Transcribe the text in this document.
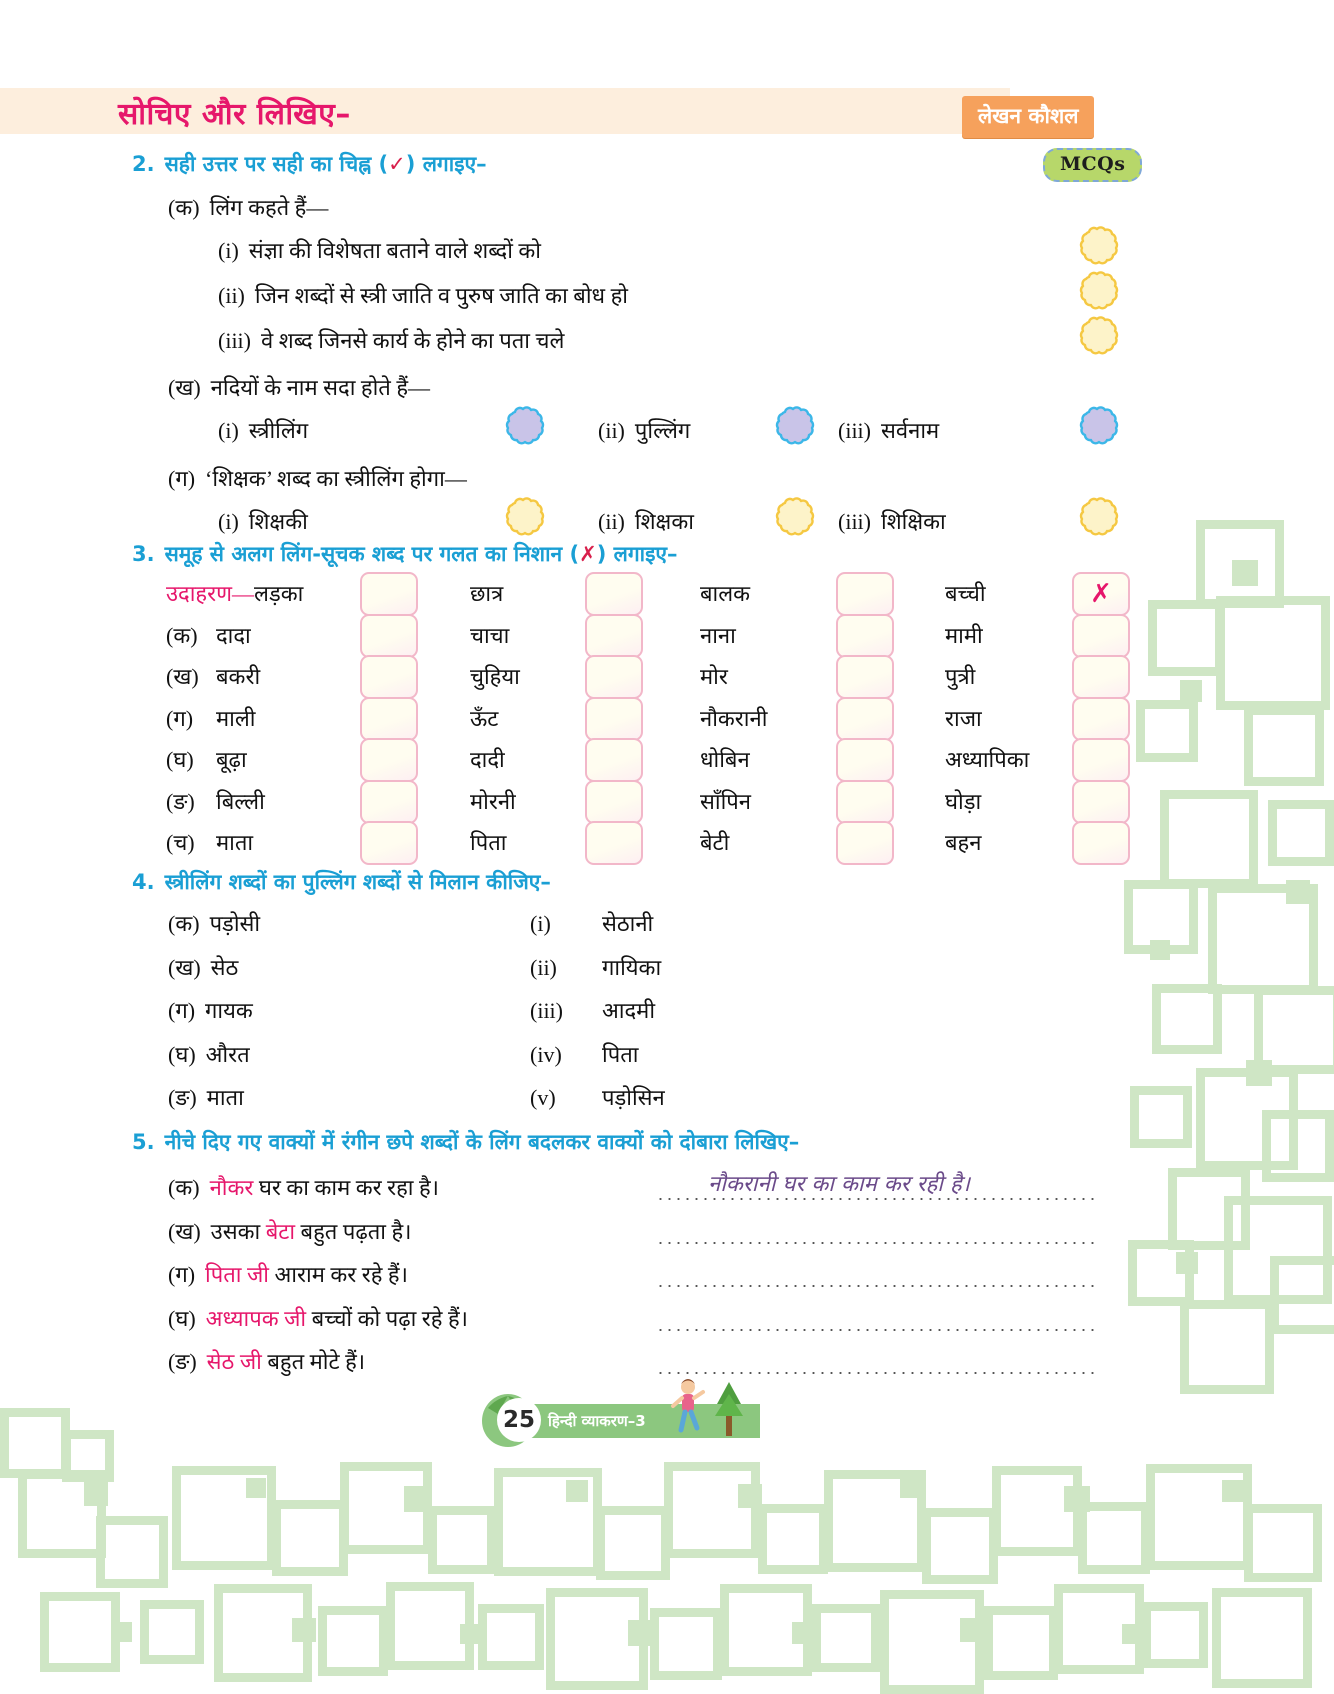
सोचिए और लिखिए–	लेखन कौशल
MCQs
2. सही उत्तर पर सही का चिह्न (✓) लगाइए–
(क) लिंग कहते हैं—
(i) संज्ञा की विशेषता बताने वाले शब्दों को
(ii) जिन शब्दों से स्त्री जाति व पुरुष जाति का बोध हो
(iii) वे शब्द जिनसे कार्य के होने का पता चले
(ख) नदियों के नाम सदा होते हैं—
(i) स्त्रीलिंग	(ii) पुल्लिंग	(iii) सर्वनाम
(ग) ‘शिक्षक’ शब्द का स्त्रीलिंग होगा—
(i) शिक्षकी	(ii) शिक्षका	(iii) शिक्षिका
3. समूह से अलग लिंग-सूचक शब्द पर गलत का निशान (✗) लगाइए–
उदाहरण—लड़का	छात्र	बालक	बच्ची	✗
(क) दादा	चाचा	नाना	मामी
(ख) बकरी	चुहिया	मोर	पुत्री
(ग) माली	ऊँट	नौकरानी	राजा
(घ) बूढ़ा	दादी	धोबिन	अध्यापिका
(ङ) बिल्ली	मोरनी	साँपिन	घोड़ा
(च) माता	पिता	बेटी	बहन
4. स्त्रीलिंग शब्दों का पुल्लिंग शब्दों से मिलान कीजिए–
(क) पड़ोसी	(i)	सेठानी
(ख) सेठ	(ii)	गायिका
(ग) गायक	(iii)	आदमी
(घ) औरत	(iv)	पिता
(ङ) माता	(v)	पड़ोसिन
5. नीचे दिए गए वाक्यों में रंगीन छपे शब्दों के लिंग बदलकर वाक्यों को दोबारा लिखिए–
(क) नौकर घर का काम कर रहा है।	नौकरानी घर का काम कर रही है।
(ख) उसका बेटा बहुत पढ़ता है।
(ग) पिता जी आराम कर रहे हैं।
(घ) अध्यापक जी बच्चों को पढ़ा रहे हैं।
(ङ) सेठ जी बहुत मोटे हैं।
25 हिन्दी व्याकरण–3
